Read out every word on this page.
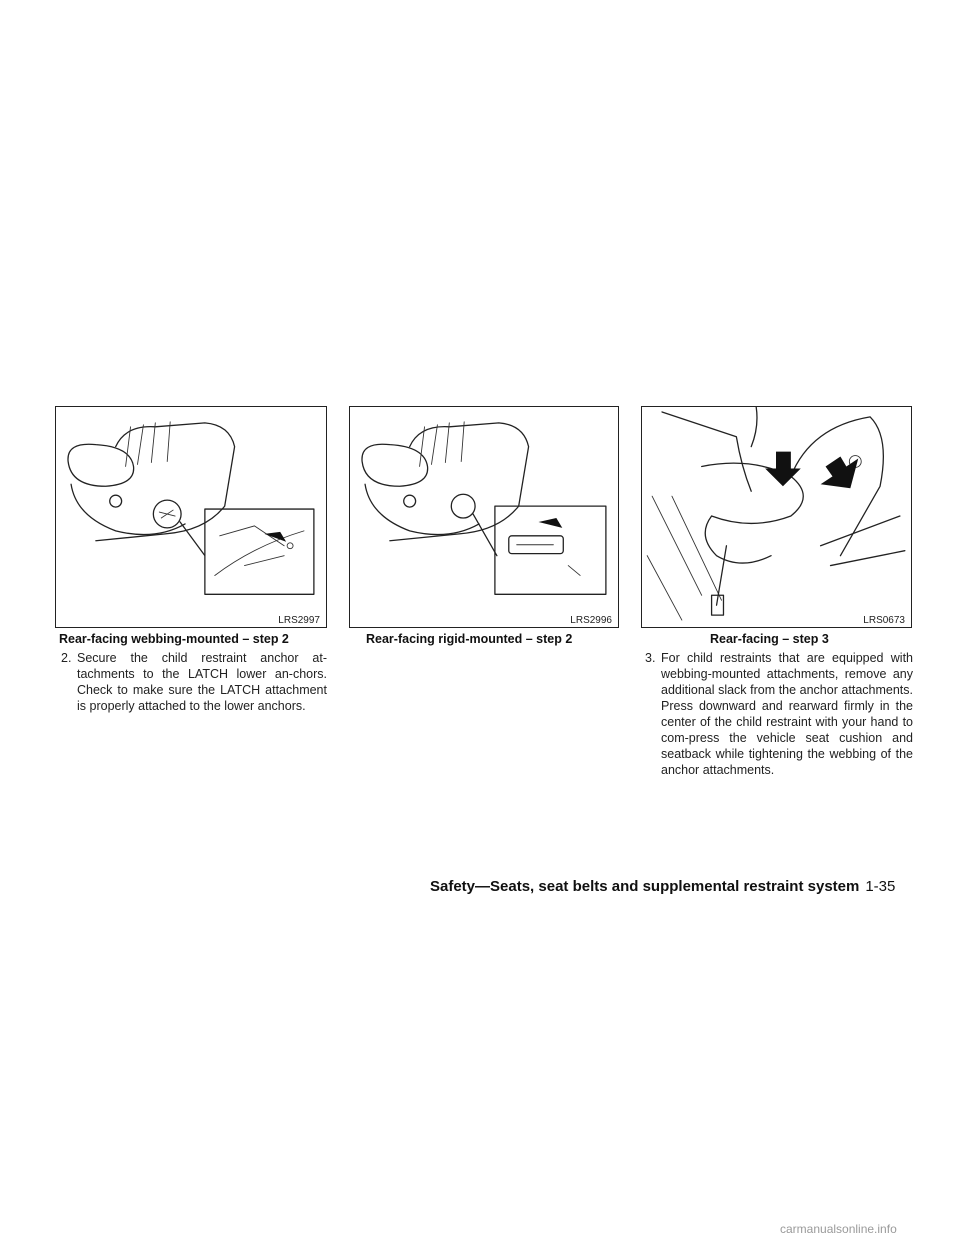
LRS2997
Rear-facing webbing-mounted – step 2
LRS2996
Rear-facing rigid-mounted – step 2
LRS0673
Rear-facing – step 3
2. Secure the child restraint anchor at-tachments to the LATCH lower an-chors. Check to make sure the LATCH attachment is properly attached to the lower anchors.
3. For child restraints that are equipped with webbing-mounted attachments, remove any additional slack from the anchor attachments. Press downward and rearward firmly in the center of the child restraint with your hand to com-press the vehicle seat cushion and seatback while tightening the webbing of the anchor attachments.
Safety—Seats, seat belts and supplemental restraint system 1-35
carmanualsonline.info
